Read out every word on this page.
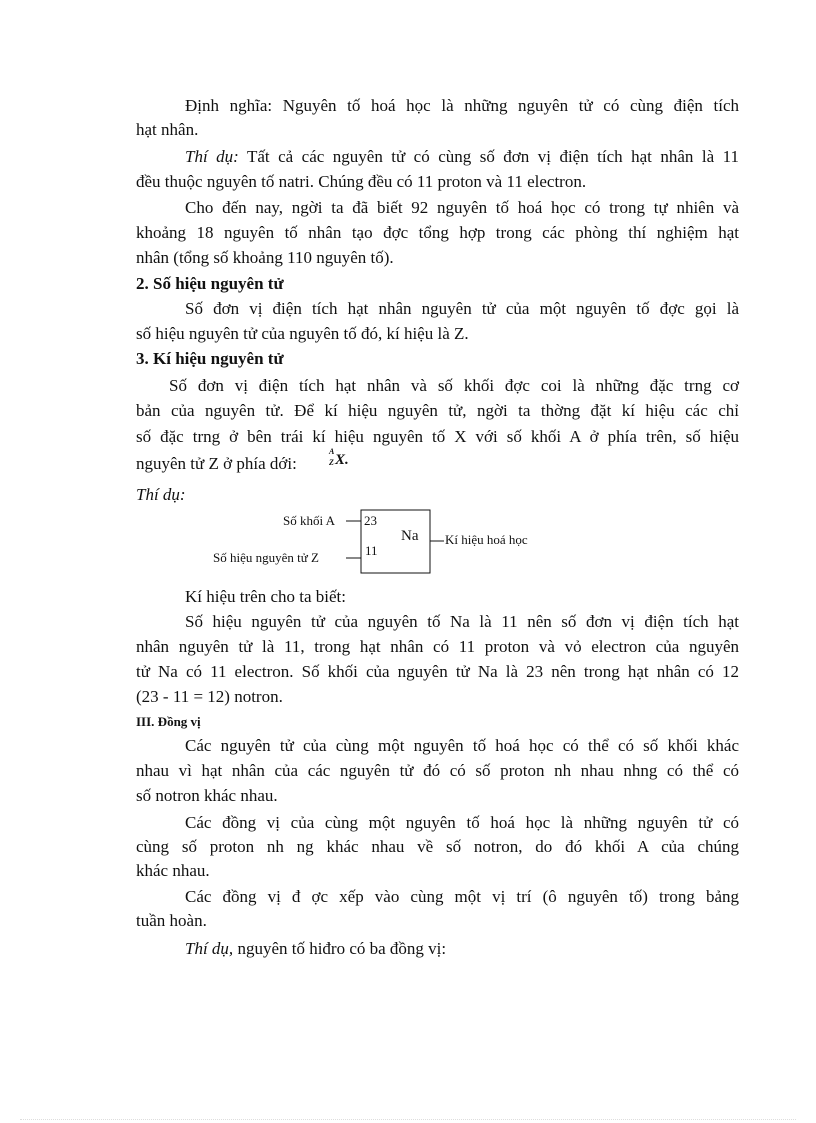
Định nghĩa: Nguyên tố hoá học là những nguyên tử có cùng điện tích
hạt nhân.
Thí dụ: Tất cả các nguyên tử có cùng số đơn vị điện tích hạt nhân là 11
đều thuộc nguyên tố natri. Chúng đều có 11 proton và 11 electron.
Cho đến nay, ngời ta đã biết 92 nguyên tố hoá học có trong tự nhiên và
khoảng 18 nguyên tố nhân tạo đợc tổng hợp trong các phòng thí nghiệm hạt
nhân (tổng số khoảng 110 nguyên tố).
2. Số hiệu nguyên tử
Số đơn vị điện tích hạt nhân nguyên tử của một nguyên tố đợc gọi là
số hiệu nguyên tử của nguyên tố đó, kí hiệu là Z.
3. Kí hiệu nguyên tử
Số đơn vị điện tích hạt nhân và số khối đợc coi là những đặc trng cơ
bản của nguyên tử. Để kí hiệu nguyên tử, ngời ta thờng đặt kí hiệu các chỉ
số đặc trng ở bên trái kí hiệu nguyên tố X với số khối A ở phía trên, số hiệu
nguyên tử Z ở phía dới:
A
Z X.
Thí dụ:
Số khối A
Số hiệu nguyên tử Z
Kí hiệu hoá học
23
11
Na
Kí hiệu trên cho ta biết:
Số hiệu nguyên tử của nguyên tố Na là 11 nên số đơn vị điện tích hạt
nhân nguyên tử là 11, trong hạt nhân có 11 proton và vỏ electron của nguyên
tử Na có 11 electron. Số khối của nguyên tử Na là 23 nên trong hạt nhân có 12
(23 - 11 = 12) notron.
III. Đồng vị
Các nguyên tử của cùng một nguyên tố hoá học có thể có số khối khác
nhau vì hạt nhân của các nguyên tử đó có số proton nh nhau nhng có thể có
số notron khác nhau.
Các đồng vị của cùng một nguyên tố hoá học là những nguyên tử có
cùng số proton nh ng khác nhau về số notron, do đó khối A của chúng
khác nhau.
Các đồng vị đ ợc xếp vào cùng một vị trí (ô nguyên tố) trong bảng
tuần hoàn.
Thí dụ, nguyên tố hiđro có ba đồng vị:
